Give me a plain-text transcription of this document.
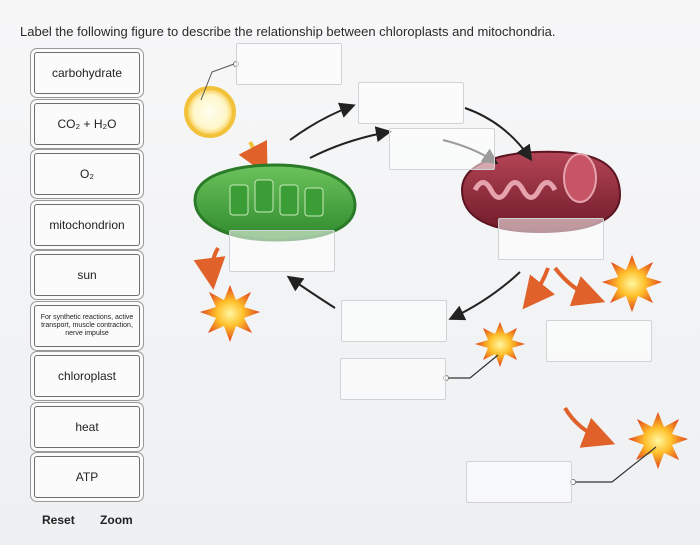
Label the following figure to describe the relationship between chloroplasts and mitochondria.
carbohydrate
CO₂ + H₂O
O₂
mitochondrion
sun
For synthetic reactions, active transport, muscle contraction, nerve impulse
chloroplast
heat
ATP
Reset Zoom
